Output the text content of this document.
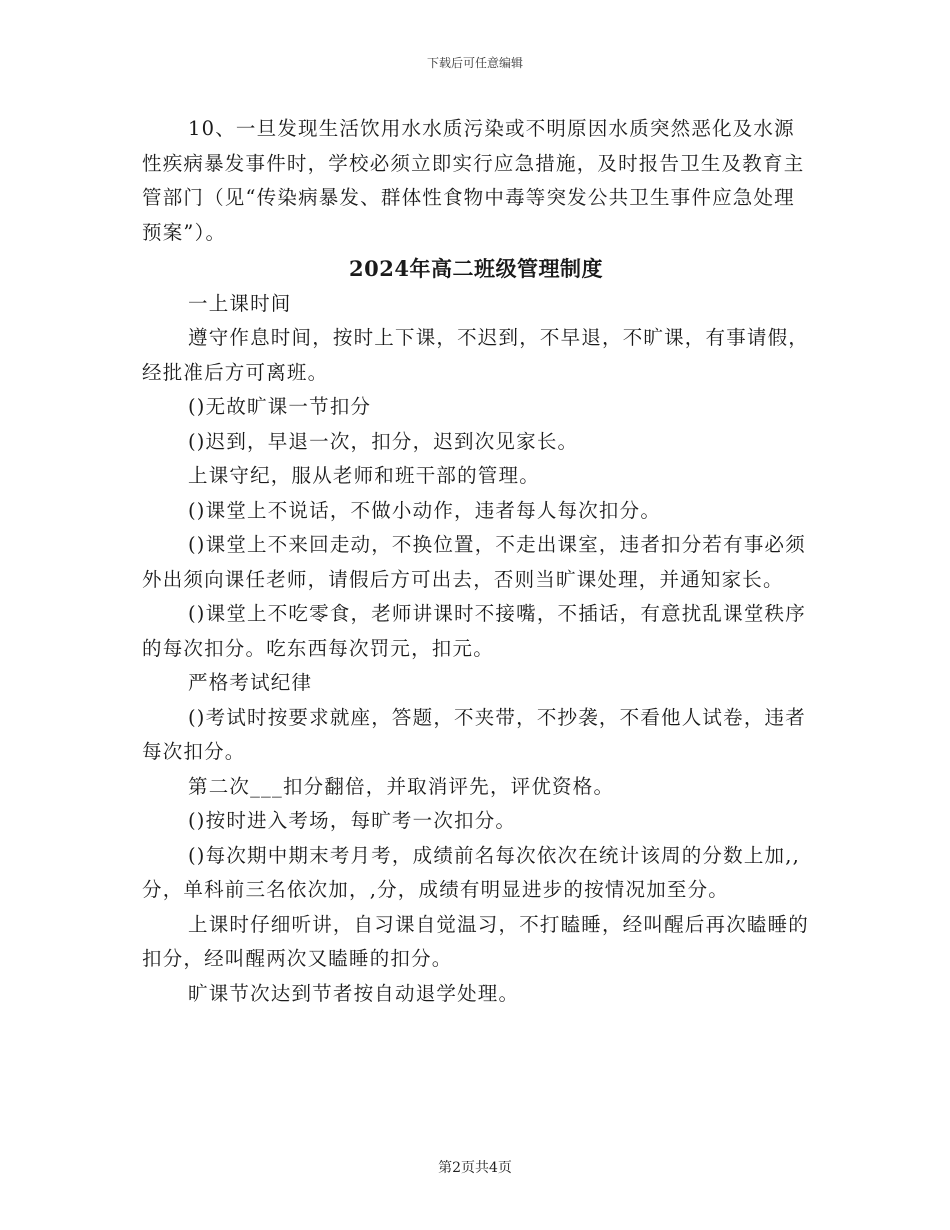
下载后可任意编辑

10、一旦发现生活饮用水水质污染或不明原因水质突然恶化及水源性疾病暴发事件时，学校必须立即实行应急措施，及时报告卫生及教育主管部门（见“传染病暴发、群体性食物中毒等突发公共卫生事件应急处理预案”）。

2024年高二班级管理制度

一上课时间

遵守作息时间，按时上下课，不迟到，不早退，不旷课，有事请假，经批准后方可离班。

()无故旷课一节扣分

()迟到，早退一次，扣分，迟到次见家长。

上课守纪，服从老师和班干部的管理。

()课堂上不说话，不做小动作，违者每人每次扣分。

()课堂上不来回走动，不换位置，不走出课室，违者扣分若有事必须外出须向课任老师，请假后方可出去，否则当旷课处理，并通知家长。

()课堂上不吃零食，老师讲课时不接嘴，不插话，有意扰乱课堂秩序的每次扣分。吃东西每次罚元，扣元。

严格考试纪律

()考试时按要求就座，答题，不夹带，不抄袭，不看他人试卷，违者每次扣分。

第二次___扣分翻倍，并取消评先，评优资格。

()按时进入考场，每旷考一次扣分。

()每次期中期末考月考，成绩前名每次依次在统计该周的分数上加,,分，单科前三名依次加，,分，成绩有明显进步的按情况加至分。

上课时仔细听讲，自习课自觉温习，不打瞌睡，经叫醒后再次瞌睡的扣分，经叫醒两次又瞌睡的扣分。

旷课节次达到节者按自动退学处理。

第2页共4页
